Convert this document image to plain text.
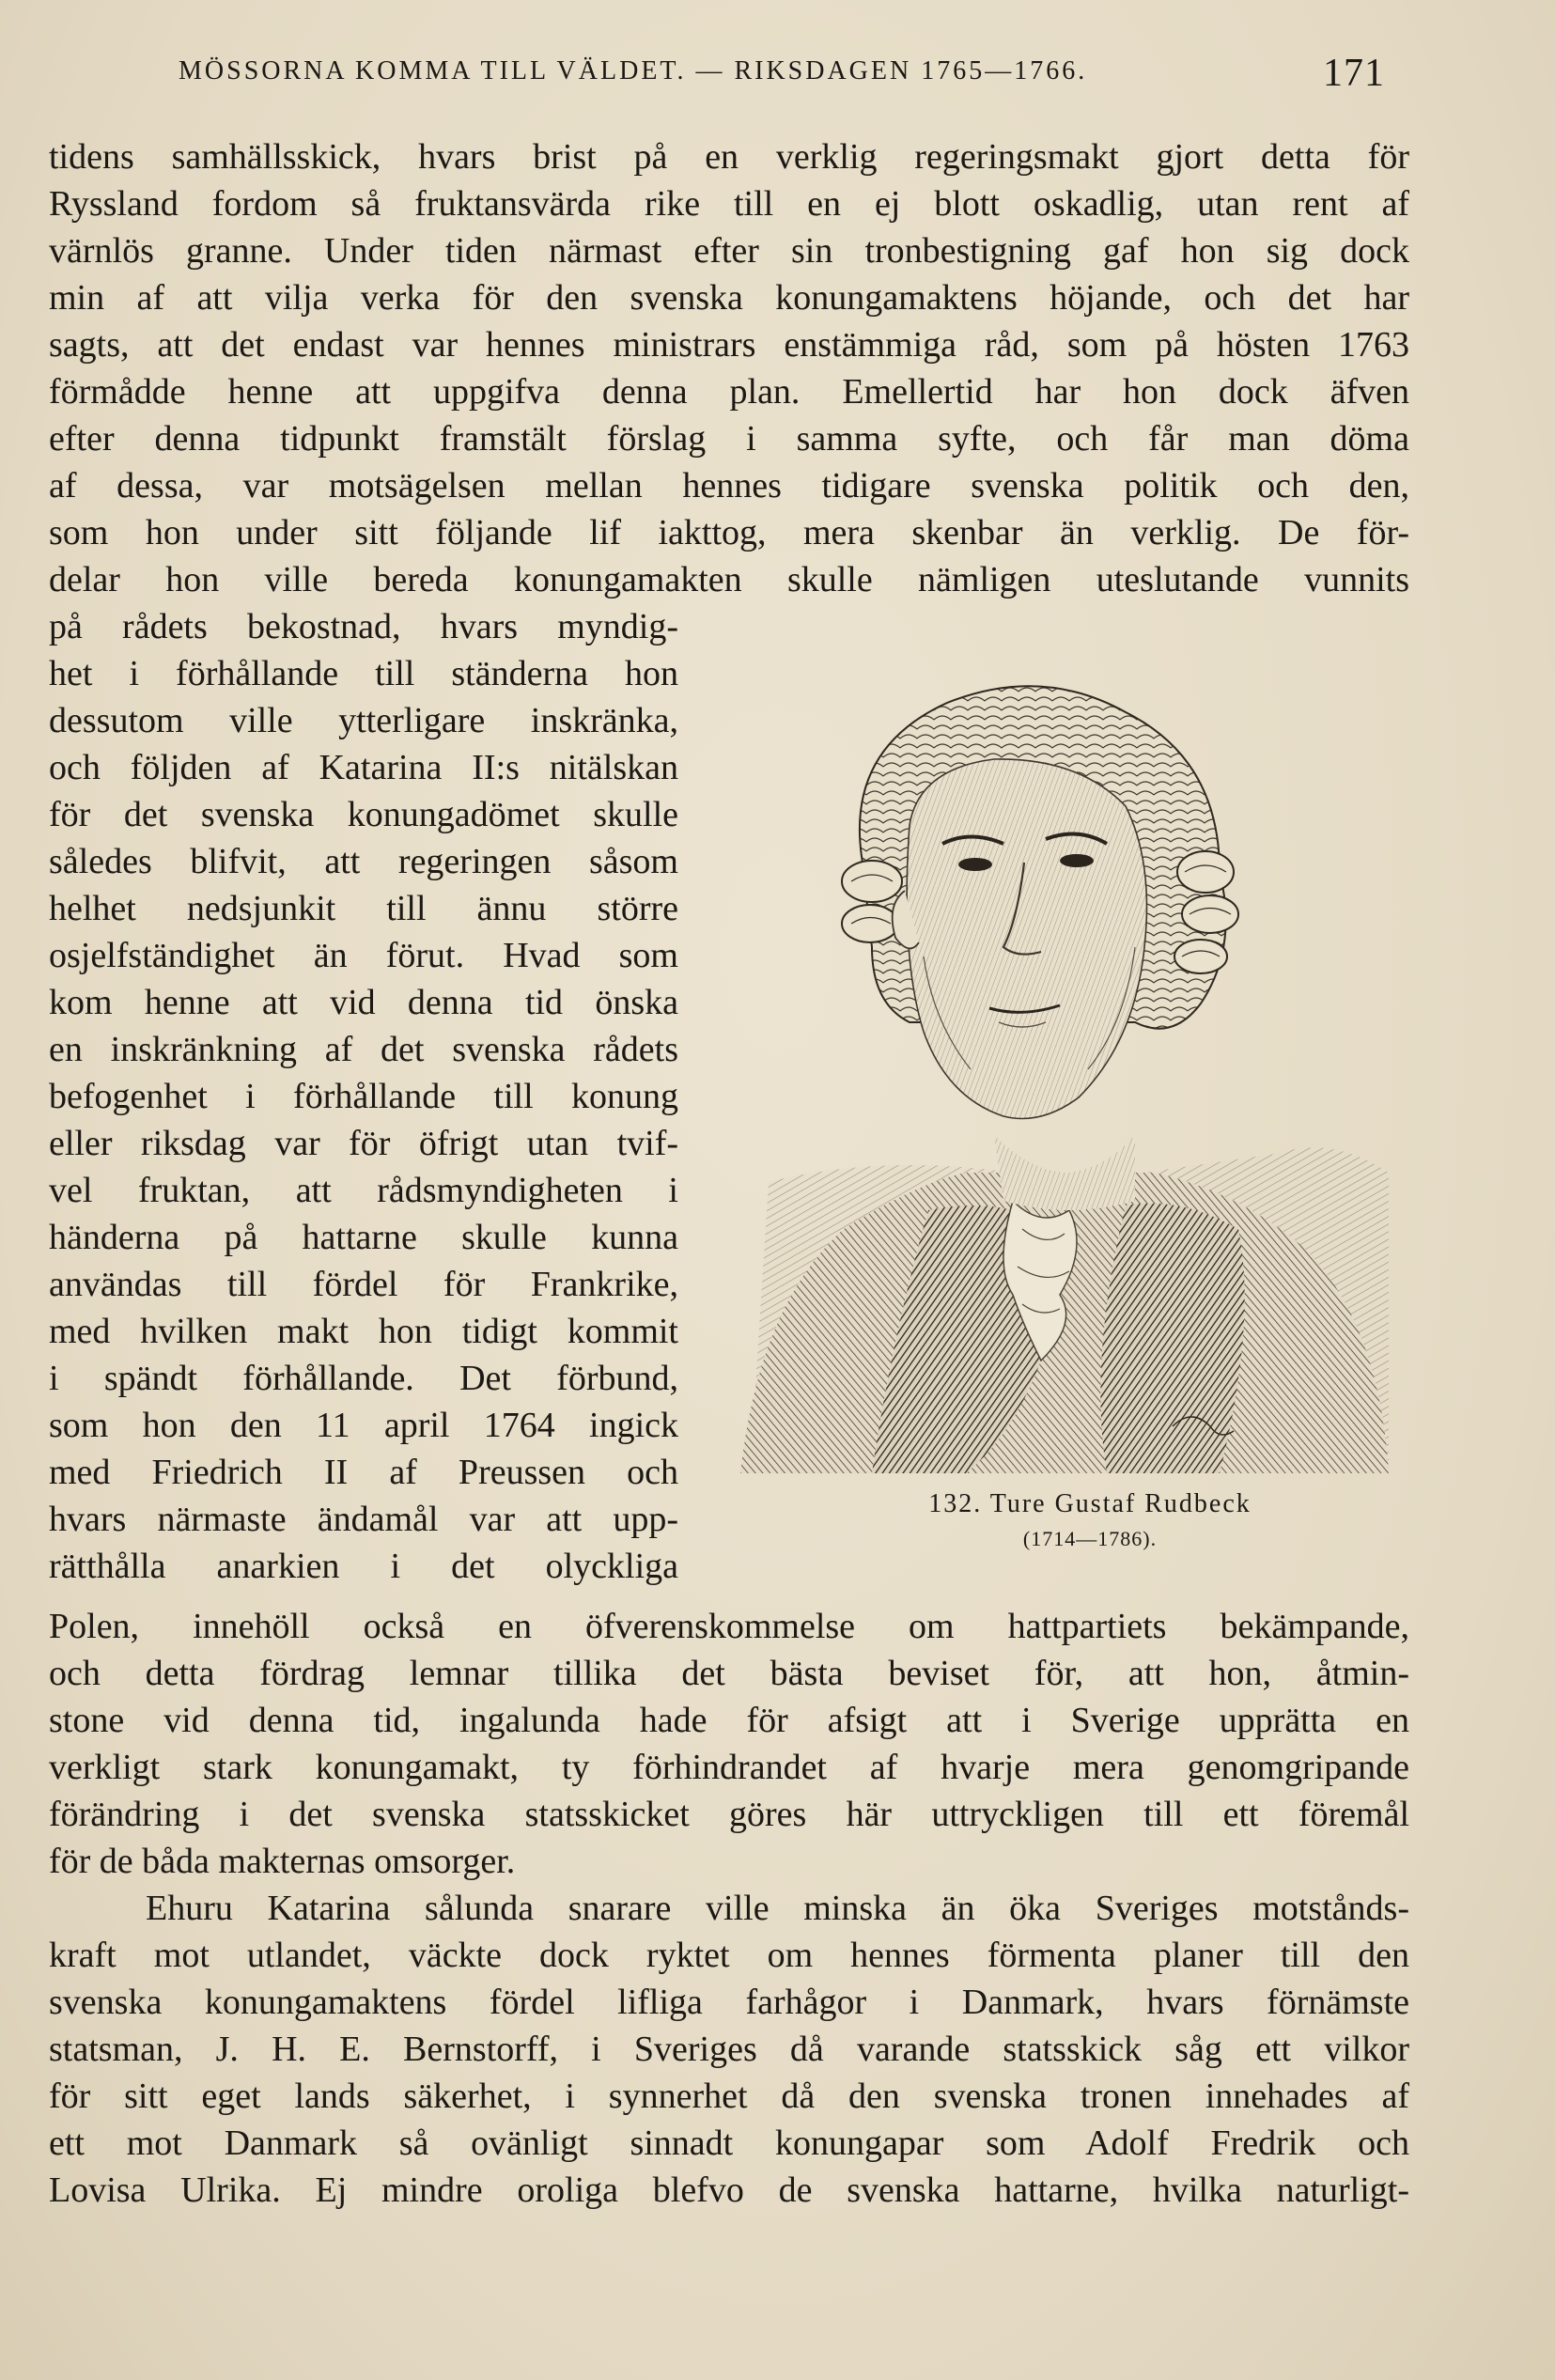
MÖSSORNA KOMMA TILL VÄLDET. — RIKSDAGEN 1765—1766.	171
tidens samhällsskick, hvars brist på en verklig regeringsmakt gjort detta för
Ryssland fordom så fruktansvärda rike till en ej blott oskadlig, utan rent af
värnlös granne. Under tiden närmast efter sin tronbestigning gaf hon sig dock
min af att vilja verka för den svenska konungamaktens höjande, och det har
sagts, att det endast var hennes ministrars enstämmiga råd, som på hösten 1763
förmådde henne att uppgifva denna plan. Emellertid har hon dock äfven
efter denna tidpunkt framstält förslag i samma syfte, och får man döma
af dessa, var motsägelsen mellan hennes tidigare svenska politik och den,
som hon under sitt följande lif iakttog, mera skenbar än verklig. De för-
delar hon ville bereda konungamakten skulle nämligen uteslutande vunnits
på rådets bekostnad, hvars myndig-
het i förhållande till ständerna hon
dessutom ville ytterligare inskränka,
och följden af Katarina II:s nitälskan
för det svenska konungadömet skulle
således blifvit, att regeringen såsom
helhet nedsjunkit till ännu större
osjelfständighet än förut. Hvad som
kom henne att vid denna tid önska
en inskränkning af det svenska rådets
befogenhet i förhållande till konung
eller riksdag var för öfrigt utan tvif-
vel fruktan, att rådsmyndigheten i
händerna på hattarne skulle kunna
användas till fördel för Frankrike,
med hvilken makt hon tidigt kommit
i spändt förhållande. Det förbund,
som hon den 11 april 1764 ingick
med Friedrich II af Preussen och
hvars närmaste ändamål var att upp-
rätthålla anarkien i det olyckliga
Polen, innehöll också en öfverenskommelse om hattpartiets bekämpande,
och detta fördrag lemnar tillika det bästa beviset för, att hon, åtmin-
stone vid denna tid, ingalunda hade för afsigt att i Sverige upprätta en
verkligt stark konungamakt, ty förhindrandet af hvarje mera genomgripande
förändring i det svenska statsskicket göres här uttryckligen till ett föremål
för de båda makternas omsorger.
Ehuru Katarina sålunda snarare ville minska än öka Sveriges motstånds-
kraft mot utlandet, väckte dock ryktet om hennes förmenta planer till den
svenska konungamaktens fördel lifliga farhågor i Danmark, hvars förnämste
statsman, J. H. E. Bernstorff, i Sveriges då varande statsskick såg ett vilkor
för sitt eget lands säkerhet, i synnerhet då den svenska tronen innehades af
ett mot Danmark så ovänligt sinnadt konungapar som Adolf Fredrik och
Lovisa Ulrika. Ej mindre oroliga blefvo de svenska hattarne, hvilka naturligt-
132. Ture Gustaf Rudbeck
(1714—1786).
